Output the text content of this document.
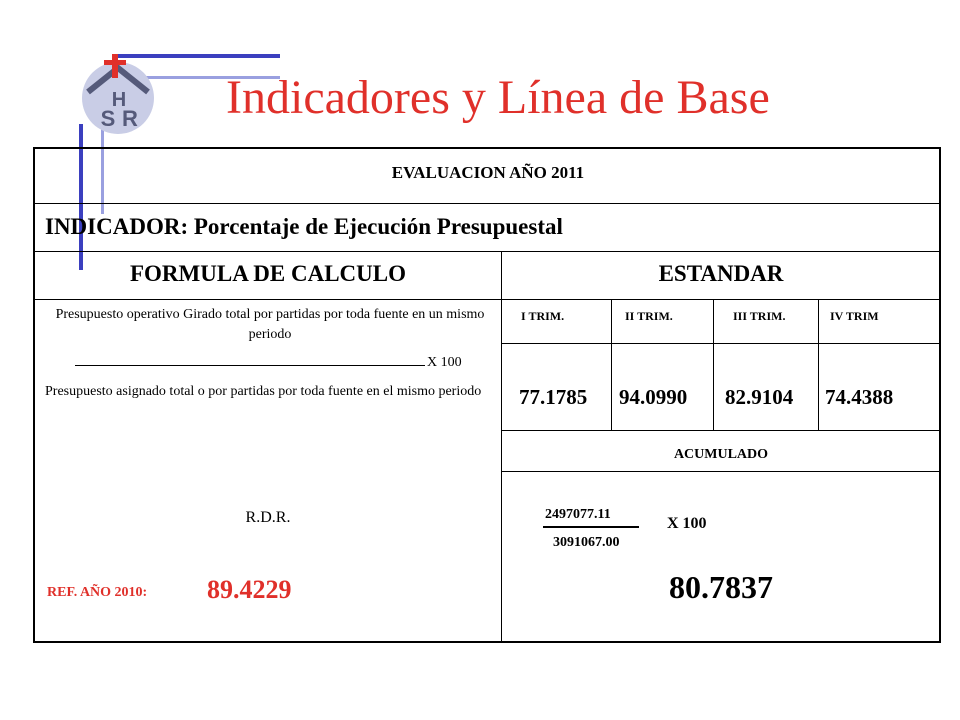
H
S R Indicadores y Línea de Base
EVALUACION AÑO 2011
INDICADOR: Porcentaje de Ejecución Presupuestal
FORMULA DE CALCULO	ESTANDAR
Presupuesto operativo Girado total por partidas por toda fuente en un mismo periodo
X 100
Presupuesto asignado total o por partidas por toda fuente en el mismo periodo
R.D.R.
REF. AÑO 2010: 89.4229
I TRIM.	II TRIM.	III TRIM.	IV TRIM
77.1785 94.0990 82.9104 74.4388
ACUMULADO
2497077.11
3091067.00
X 100
80.7837
